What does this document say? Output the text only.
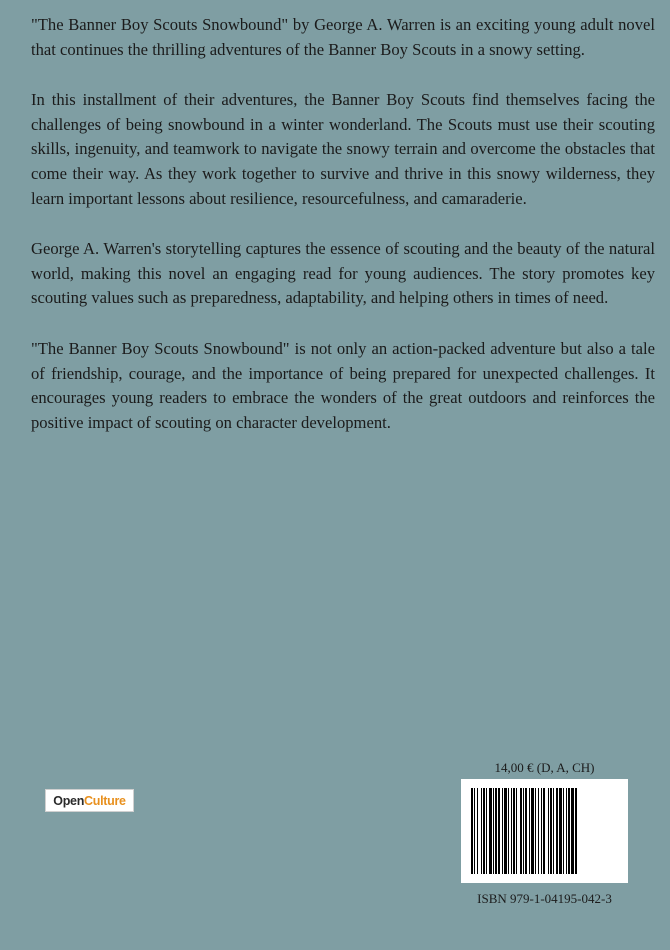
"The Banner Boy Scouts Snowbound" by George A. Warren is an exciting young adult novel that continues the thrilling adventures of the Banner Boy Scouts in a snowy setting.

In this installment of their adventures, the Banner Boy Scouts find themselves facing the challenges of being snowbound in a winter wonderland. The Scouts must use their scouting skills, ingenuity, and teamwork to navigate the snowy terrain and overcome the obstacles that come their way. As they work together to survive and thrive in this snowy wilderness, they learn important lessons about resilience, resourcefulness, and camaraderie.

George A. Warren's storytelling captures the essence of scouting and the beauty of the natural world, making this novel an engaging read for young audiences. The story promotes key scouting values such as preparedness, adaptability, and helping others in times of need.

"The Banner Boy Scouts Snowbound" is not only an action-packed adventure but also a tale of friendship, courage, and the importance of being prepared for unexpected challenges. It encourages young readers to embrace the wonders of the great outdoors and reinforces the positive impact of scouting on character development.

Open Culture
14,00 € (D, A, CH)
ISBN 979-1-04195-042-3
